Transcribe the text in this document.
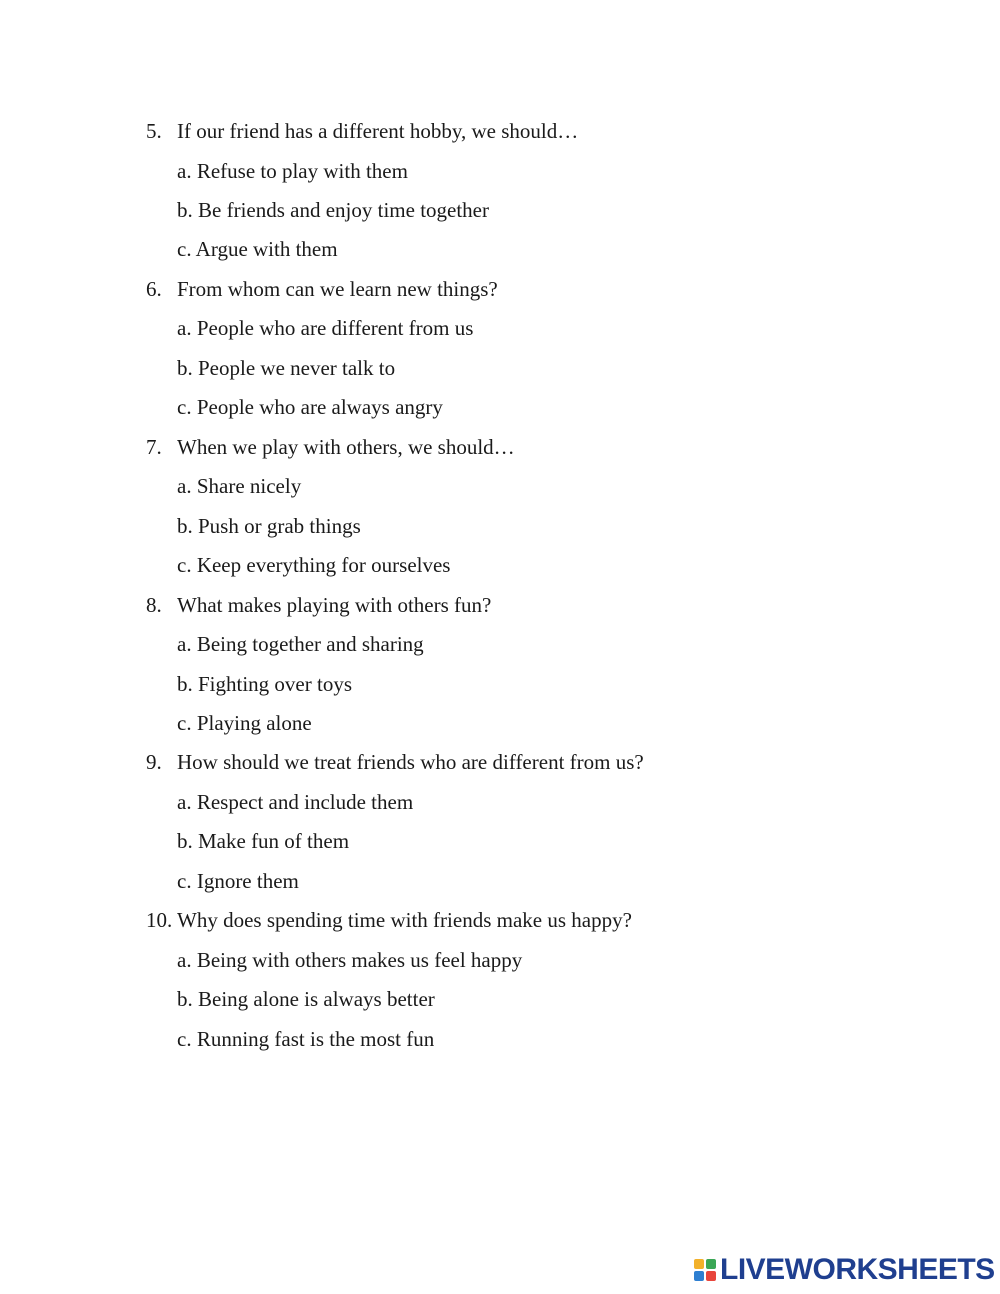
5. If our friend has a different hobby, we should…
a. Refuse to play with them
b. Be friends and enjoy time together
c. Argue with them
6. From whom can we learn new things?
a. People who are different from us
b. People we never talk to
c. People who are always angry
7. When we play with others, we should…
a. Share nicely
b. Push or grab things
c. Keep everything for ourselves
8. What makes playing with others fun?
a. Being together and sharing
b. Fighting over toys
c. Playing alone
9. How should we treat friends who are different from us?
a. Respect and include them
b. Make fun of them
c. Ignore them
10. Why does spending time with friends make us happy?
a. Being with others makes us feel happy
b. Being alone is always better
c. Running fast is the most fun
LIVEWORKSHEETS
